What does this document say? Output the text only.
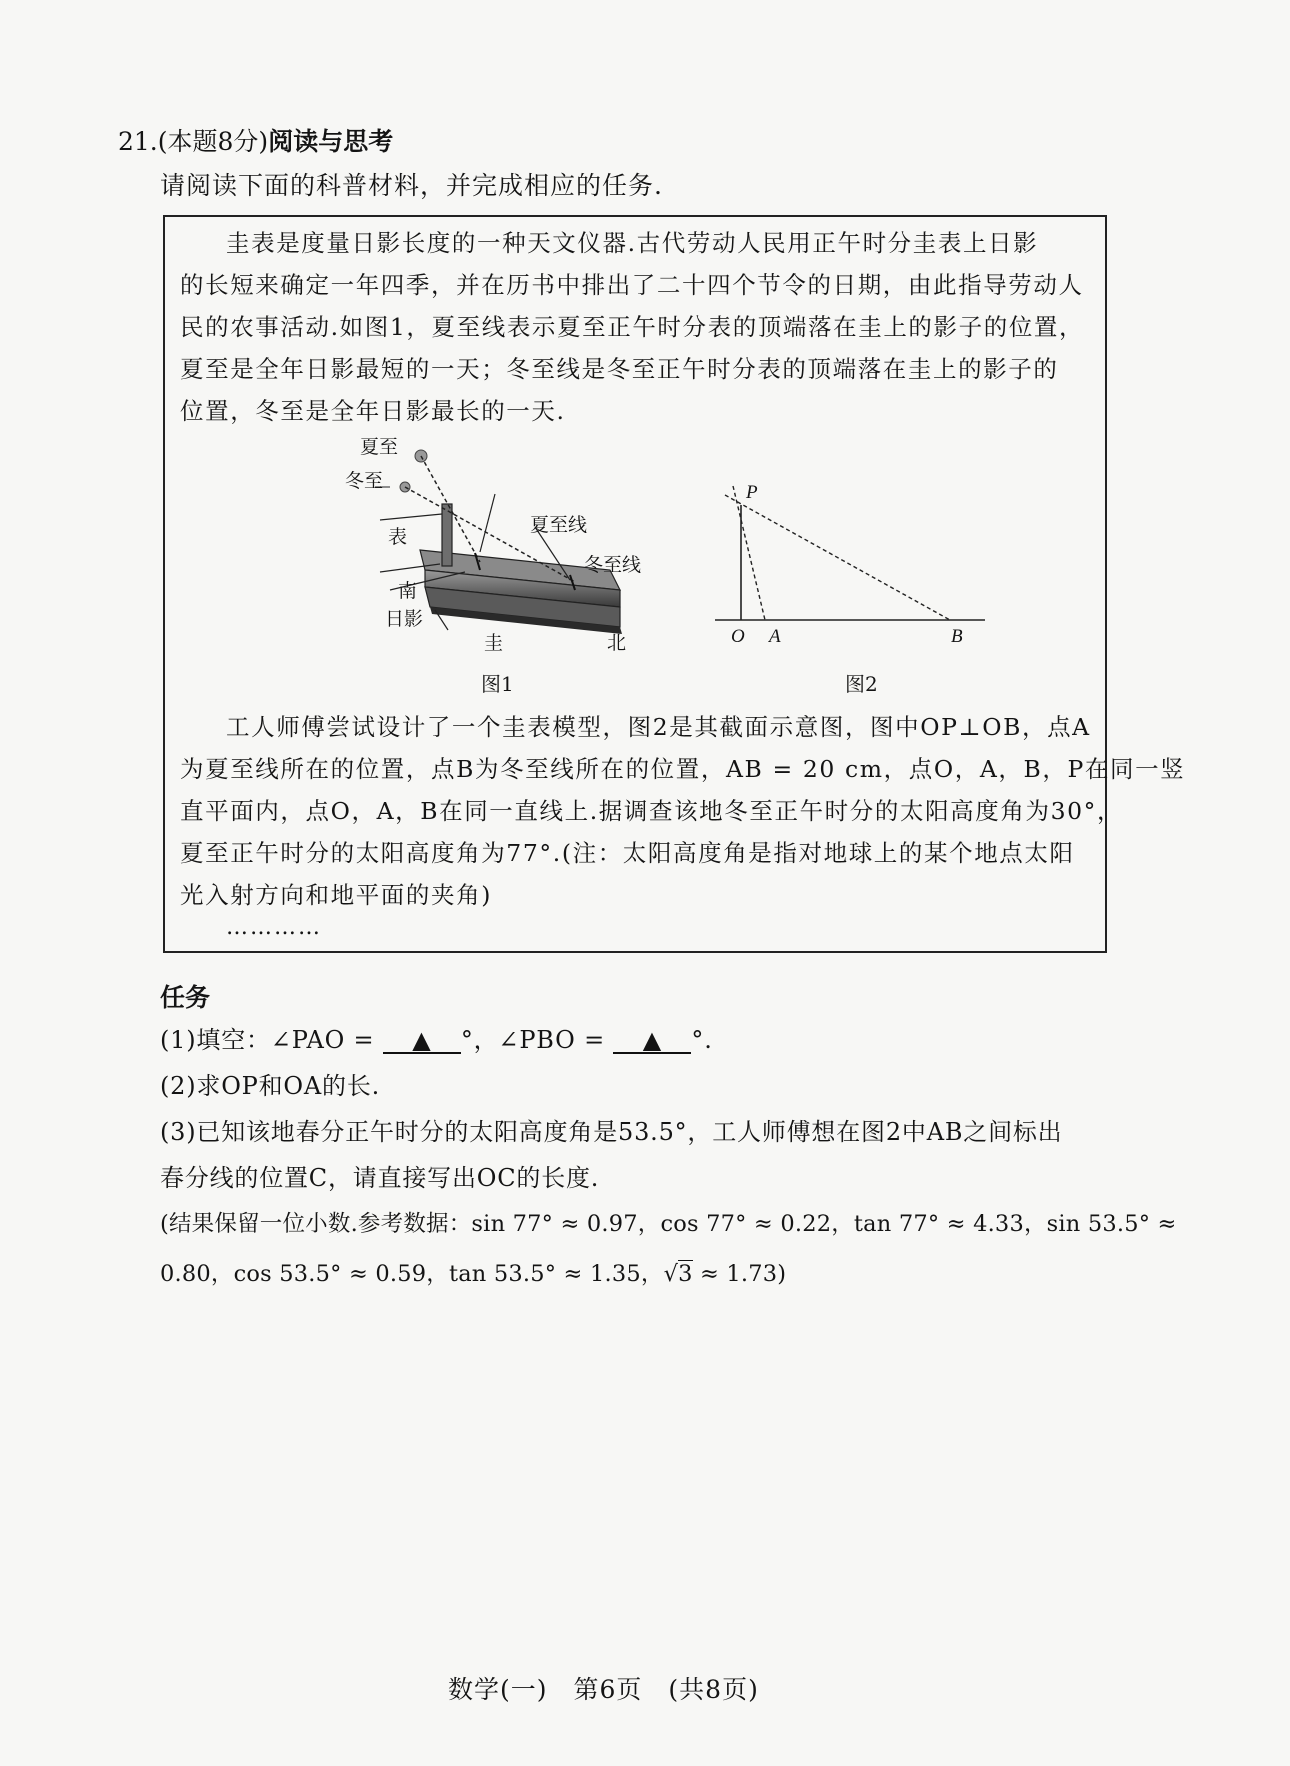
21.(本题8分)阅读与思考
请阅读下面的科普材料，并完成相应的任务.
圭表是度量日影长度的一种天文仪器.古代劳动人民用正午时分圭表上日影
的长短来确定一年四季，并在历书中排出了二十四个节令的日期，由此指导劳动人
民的农事活动.如图1，夏至线表示夏至正午时分表的顶端落在圭上的影子的位置，
夏至是全年日影最短的一天；冬至线是冬至正午时分表的顶端落在圭上的影子的
位置，冬至是全年日影最长的一天.
夏至
冬至
表
夏至线
冬至线
南
日影
圭	北
图1
P
O A	B
图2
工人师傅尝试设计了一个圭表模型，图2是其截面示意图，图中OP⊥OB，点A
为夏至线所在的位置，点B为冬至线所在的位置，AB = 20 cm，点O，A，B，P在同一竖
直平面内，点O，A，B在同一直线上.据调查该地冬至正午时分的太阳高度角为30°，
夏至正午时分的太阳高度角为77°.(注：太阳高度角是指对地球上的某个地点太阳
光入射方向和地平面的夹角)
…………
任务
(1)填空：∠PAO = ▲ °，∠PBO = ▲ °.
(2)求OP和OA的长.
(3)已知该地春分正午时分的太阳高度角是53.5°，工人师傅想在图2中AB之间标出
春分线的位置C，请直接写出OC的长度.
(结果保留一位小数.参考数据：sin 77° ≈ 0.97，cos 77° ≈ 0.22，tan 77° ≈ 4.33，sin 53.5° ≈
0.80，cos 53.5° ≈ 0.59，tan 53.5° ≈ 1.35，√3 ≈ 1.73)
数学(一)　第6页　(共8页)
